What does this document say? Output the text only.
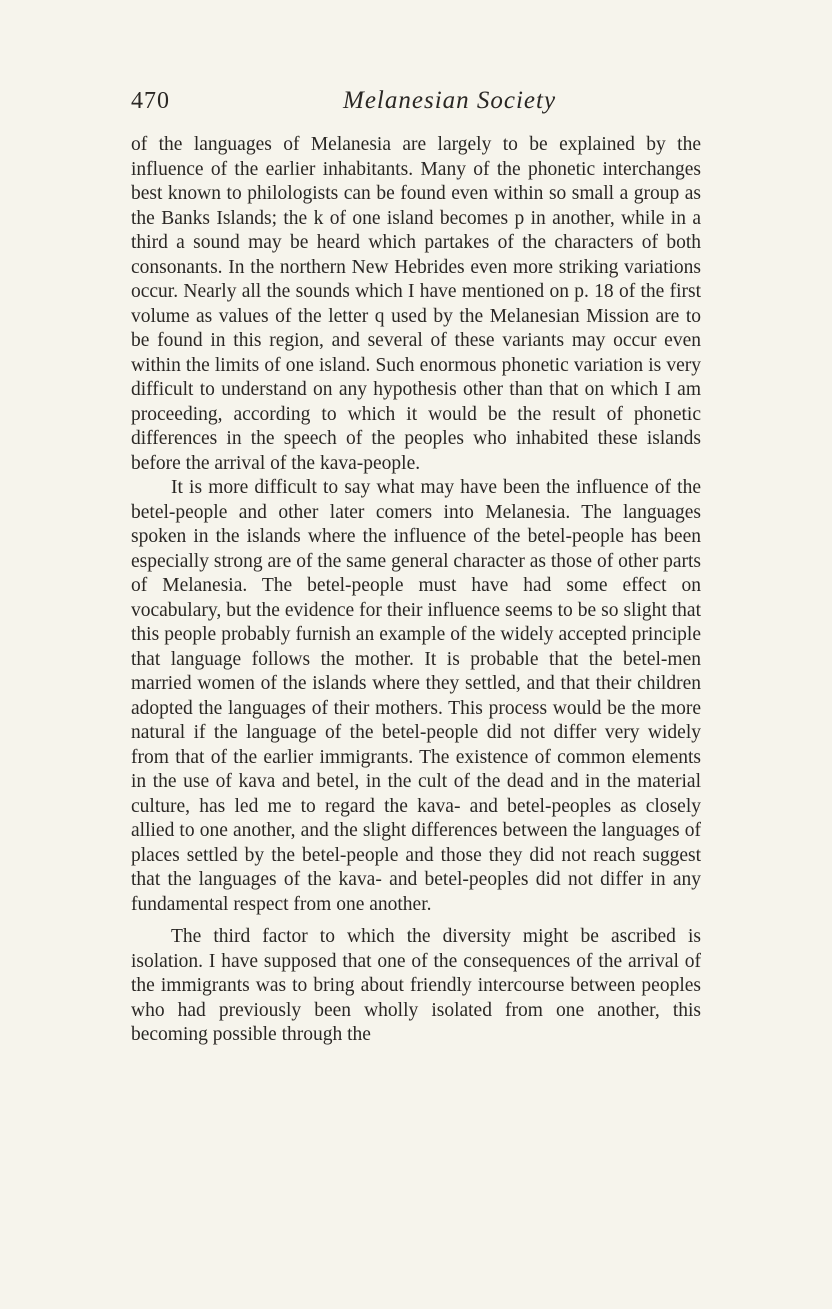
470	Melanesian Society

of the languages of Melanesia are largely to be explained by the influence of the earlier inhabitants. Many of the phonetic interchanges best known to philologists can be found even within so small a group as the Banks Islands; the k of one island becomes p in another, while in a third a sound may be heard which partakes of the characters of both consonants. In the northern New Hebrides even more striking variations occur. Nearly all the sounds which I have mentioned on p. 18 of the first volume as values of the letter q used by the Melanesian Mission are to be found in this region, and several of these variants may occur even within the limits of one island. Such enormous phonetic variation is very difficult to understand on any hypothesis other than that on which I am proceeding, according to which it would be the result of phonetic differences in the speech of the peoples who inhabited these islands before the arrival of the kava-people.

It is more difficult to say what may have been the influence of the betel-people and other later comers into Melanesia. The languages spoken in the islands where the influence of the betel-people has been especially strong are of the same general character as those of other parts of Melanesia. The betel-people must have had some effect on vocabulary, but the evidence for their influence seems to be so slight that this people probably furnish an example of the widely accepted principle that language follows the mother. It is probable that the betel-men married women of the islands where they settled, and that their children adopted the languages of their mothers. This process would be the more natural if the language of the betel-people did not differ very widely from that of the earlier immigrants. The existence of common elements in the use of kava and betel, in the cult of the dead and in the material culture, has led me to regard the kava- and betel-peoples as closely allied to one another, and the slight differences between the languages of places settled by the betel-people and those they did not reach suggest that the languages of the kava- and betel-peoples did not differ in any fundamental respect from one another.

The third factor to which the diversity might be ascribed is isolation. I have supposed that one of the consequences of the arrival of the immigrants was to bring about friendly intercourse between peoples who had previously been wholly isolated from one another, this becoming possible through the
